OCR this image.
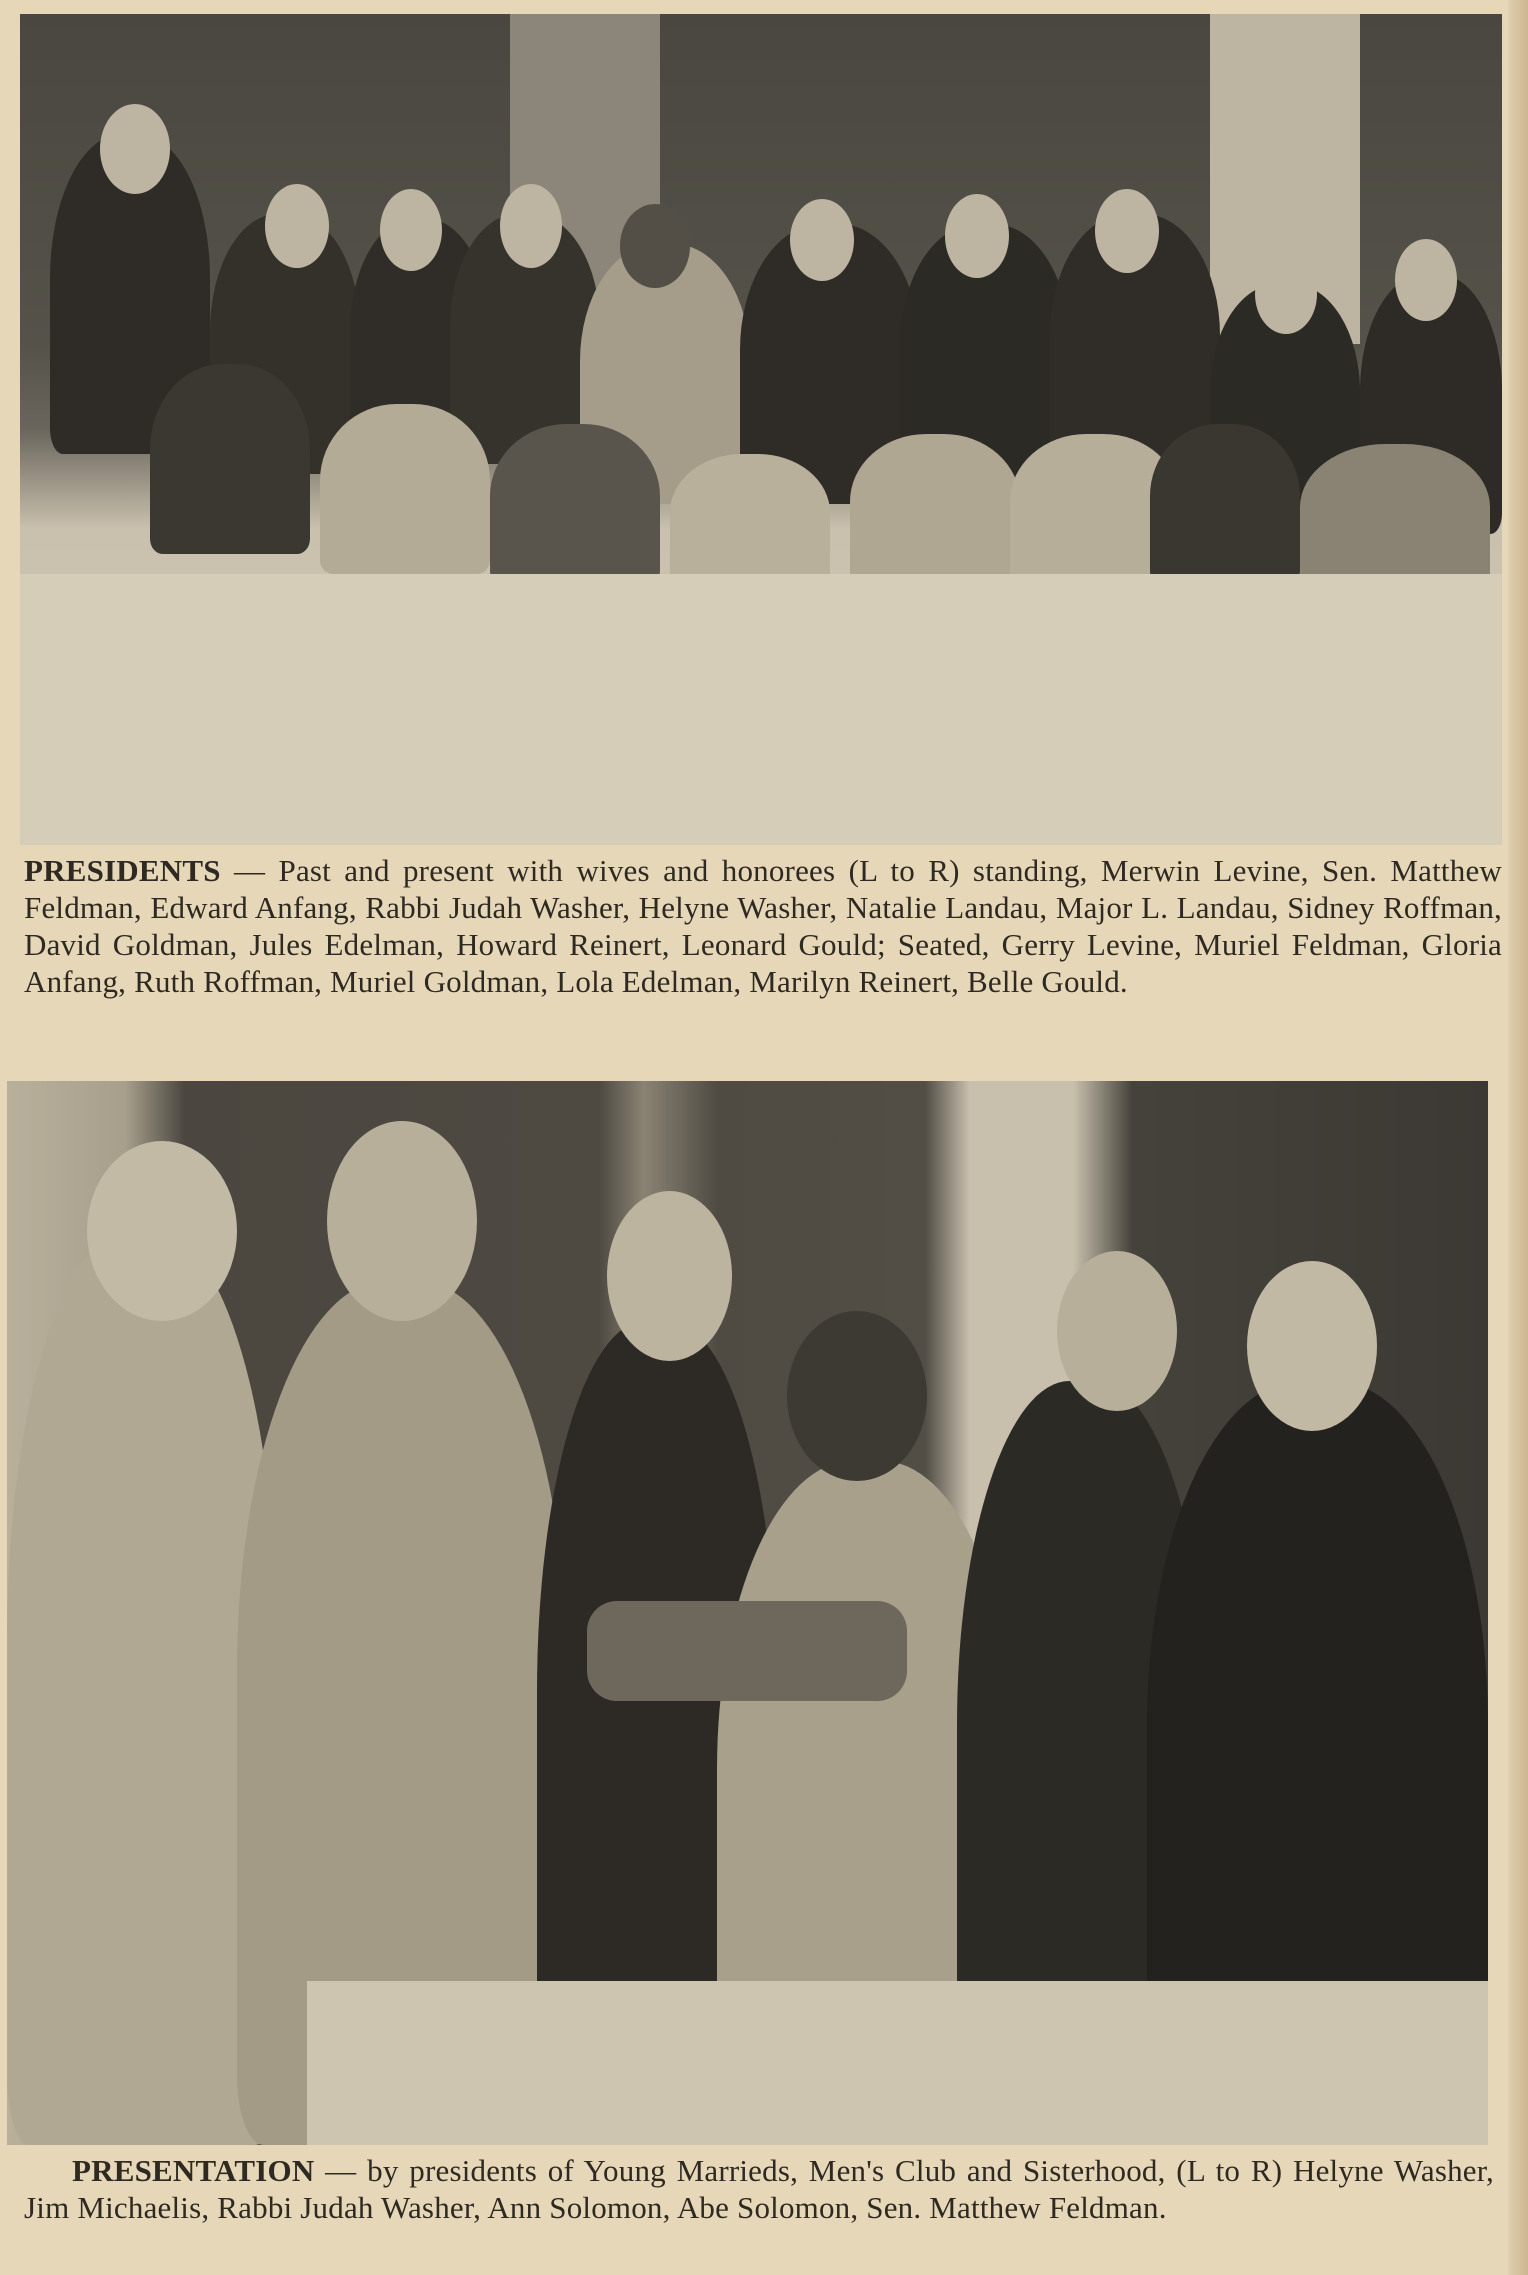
PRESIDENTS — Past and present with wives and honorees (L to R) standing, Merwin Levine, Sen. Matthew Feldman, Edward Anfang, Rabbi Judah Washer, Helyne Washer, Natalie Landau, Major L. Landau, Sidney Roffman, David Goldman, Jules Edelman, Howard Reinert, Leonard Gould; Seated, Gerry Levine, Muriel Feldman, Gloria Anfang, Ruth Roffman, Muriel Goldman, Lola Edelman, Marilyn Reinert, Belle Gould.
PRESENTATION — by presidents of Young Marrieds, Men's Club and Sisterhood, (L to R) Helyne Washer, Jim Michaelis, Rabbi Judah Washer, Ann Solomon, Abe Solomon, Sen. Matthew Feldman.
